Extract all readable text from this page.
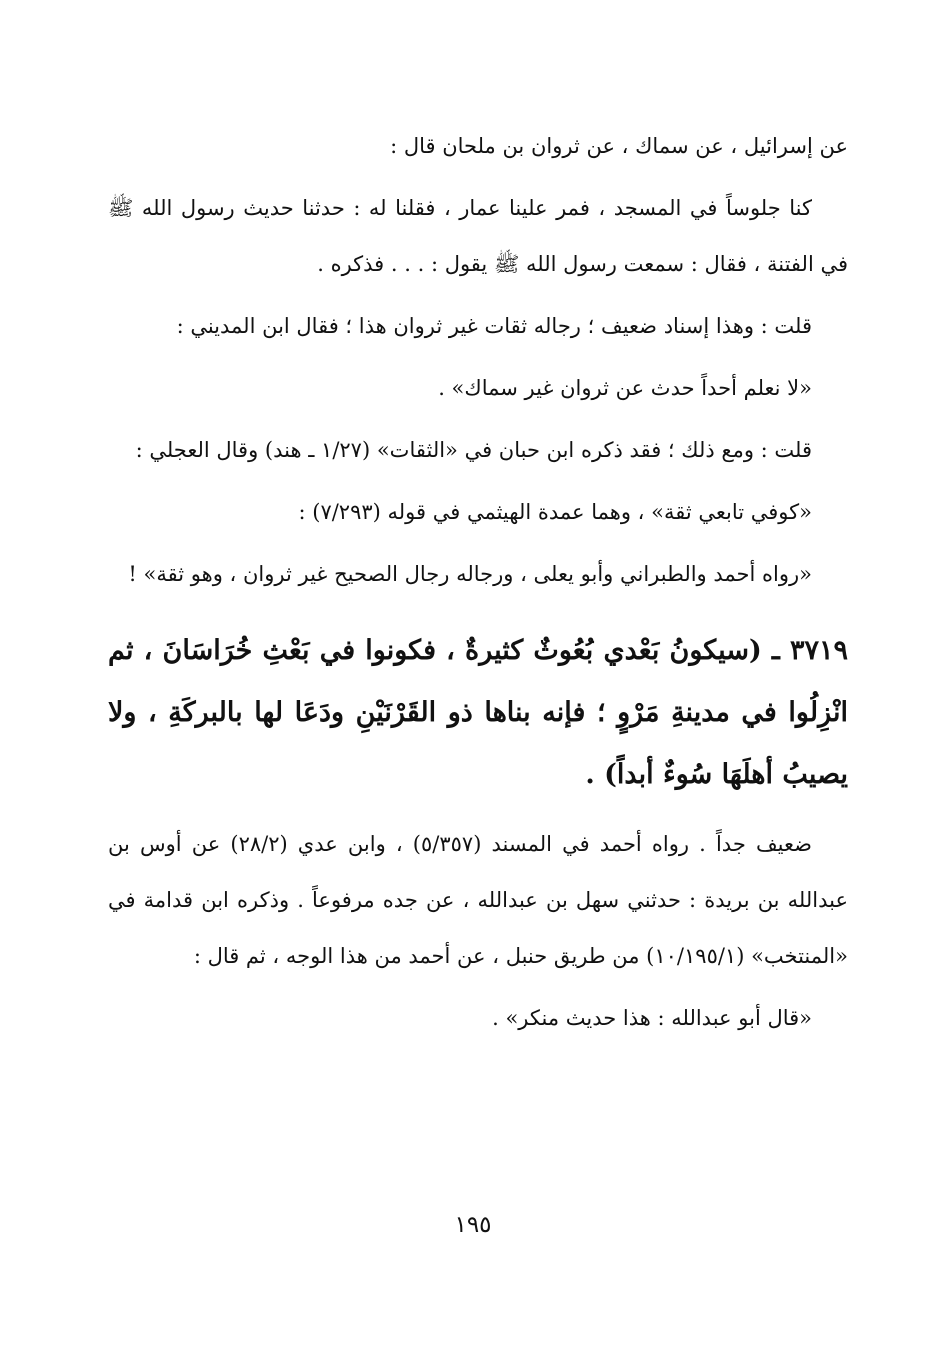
عن إسرائيل ، عن سماك ، عن ثروان بن ملحان قال :

كنا جلوساً في المسجد ، فمر علينا عمار ، فقلنا له : حدثنا حديث رسول الله ﷺ في الفتنة ، فقال : سمعت رسول الله ﷺ يقول : . . . فذكره .

قلت : وهذا إسناد ضعيف ؛ رجاله ثقات غير ثروان هذا ؛ فقال ابن المديني :

«لا نعلم أحداً حدث عن ثروان غير سماك» .

قلت : ومع ذلك ؛ فقد ذكره ابن حبان في «الثقات» (١/٢٧ ـ هند) وقال العجلي :

«كوفي تابعي ثقة» ، وهما عمدة الهيثمي في قوله (٧/٢٩٣) :

«رواه أحمد والطبراني وأبو يعلى ، ورجاله رجال الصحيح غير ثروان ، وهو ثقة» !

٣٧١٩ ـ (سيكونُ بَعْدي بُعُوثٌ كثيرةٌ ، فكونوا في بَعْثِ خُرَاسَانَ ، ثم انْزِلُوا في مدينةِ مَرْوٍ ؛ فإنه بناها ذو القَرْنَيْنِ ودَعَا لها بالبركَةِ ، ولا يصيبُ أهلَهَا سُوءٌ أبداً) .

ضعيف جداً . رواه أحمد في المسند (٥/٣٥٧) ، وابن عدي (٢٨/٢) عن أوس بن عبدالله بن بريدة : حدثني سهل بن عبدالله ، عن جده مرفوعاً . وذكره ابن قدامة في «المنتخب» (١٠/١٩٥/١) من طريق حنبل ، عن أحمد من هذا الوجه ، ثم قال :

«قال أبو عبدالله : هذا حديث منكر» .

١٩٥
